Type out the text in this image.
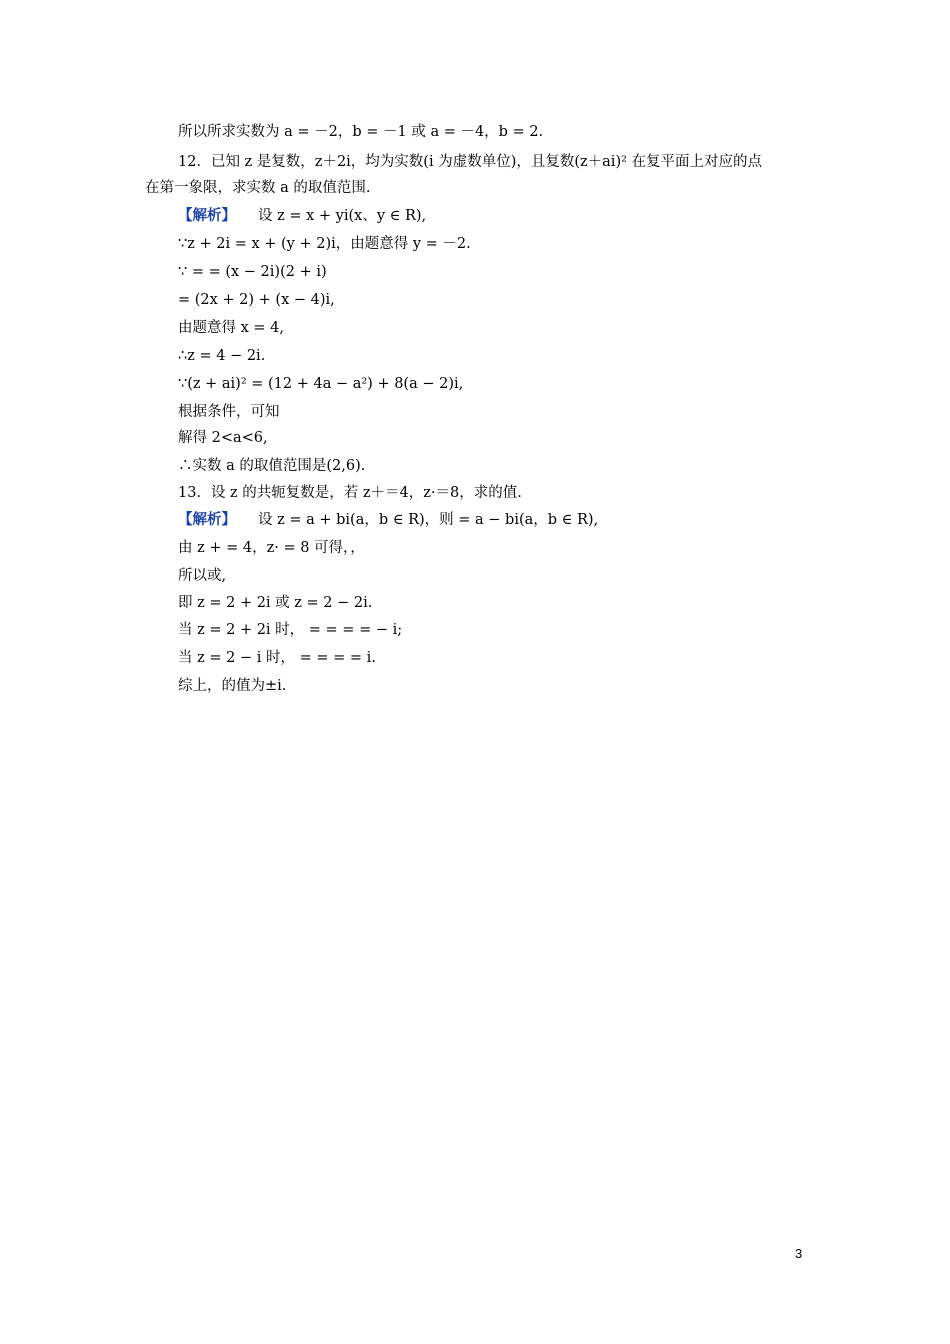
所以所求实数为 a = －2，b = －1 或 a = －4，b = 2.
12．已知 z 是复数，z＋2i，均为实数(i 为虚数单位)，且复数(z＋ai)² 在复平面上对应的点
在第一象限，求实数 a 的取值范围.
【解析】 设 z = x + yi(x、y ∈ R),
∵z + 2i = x + (y + 2)i，由题意得 y = －2.
∵ = = (x − 2i)(2 + i)
= (2x + 2) + (x − 4)i,
由题意得 x = 4,
∴z = 4 − 2i.
∵(z + ai)² = (12 + 4a − a²) + 8(a − 2)i,
根据条件，可知
解得 2<a<6,
∴实数 a 的取值范围是(2,6).
13．设 z 的共轭复数是，若 z＋＝4，z·＝8，求的值.
【解析】 设 z = a + bi(a，b ∈ R)，则 = a − bi(a，b ∈ R),
由 z + = 4，z· = 8 可得，，
所以或,
即 z = 2 + 2i 或 z = 2 − 2i.
当 z = 2 + 2i 时， = = = = − i;
当 z = 2 − i 时， = = = = i.
综上，的值为±i.
3
